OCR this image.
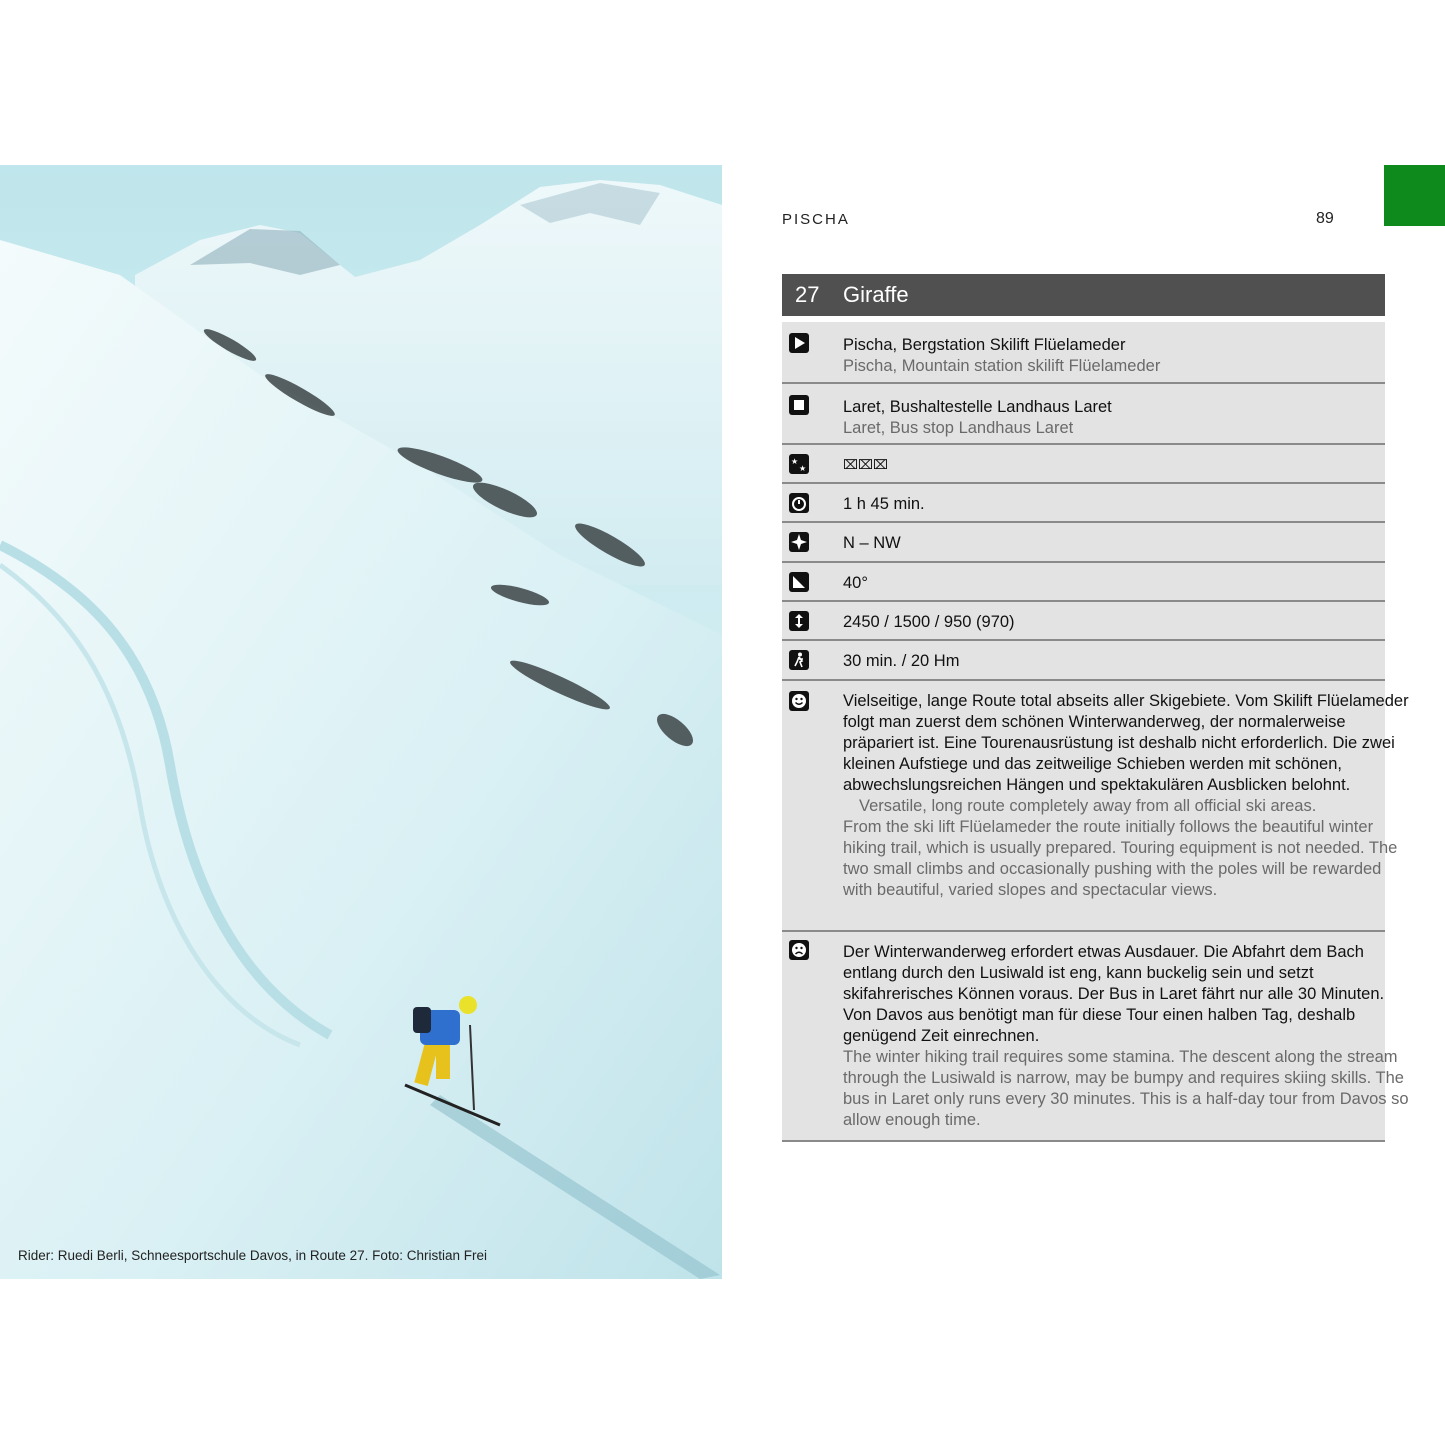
Rider: Ruedi Berli, Schneesportschule Davos, in Route 27. Foto: Christian Frei
PISCHA	89
27	Giraffe
Pischa, Bergstation Skilift Flüelameder
Pischa, Mountain station skilift Flüelameder
Laret, Bushaltestelle Landhaus Laret
Laret, Bus stop Landhaus Laret
★
★	⌧⌧⌧
1 h 45 min.
N – NW
40°
2450 / 1500 / 950 (970)
30 min. / 20 Hm
Vielseitige, lange Route total abseits aller Skigebiete. Vom Skilift Flüelameder folgt man zuerst dem schönen Winterwanderweg, der normalerweise präpariert ist. Eine Tourenausrüstung ist deshalb nicht erforderlich. Die zwei kleinen Aufstiege und das zeitweilige Schieben werden mit schönen, abwechslungsreichen Hängen und spektakulären Ausblicken belohnt.
Versatile, long route completely away from all official ski areas.
From the ski lift Flüelameder the route initially follows the beautiful winter hiking trail, which is usually prepared. Touring equipment is not needed. The two small climbs and occasionally pushing with the poles will be rewarded with beautiful, varied slopes and spectacular views.
Der Winterwanderweg erfordert etwas Ausdauer. Die Abfahrt dem Bach entlang durch den Lusiwald ist eng, kann buckelig sein und setzt skifahrerisches Können voraus. Der Bus in Laret fährt nur alle 30 Minuten. Von Davos aus benötigt man für diese Tour einen halben Tag, deshalb genügend Zeit einrechnen.
The winter hiking trail requires some stamina. The descent along the stream through the Lusiwald is narrow, may be bumpy and requires skiing skills. The bus in Laret only runs every 30 minutes. This is a half-day tour from Davos so allow enough time.
